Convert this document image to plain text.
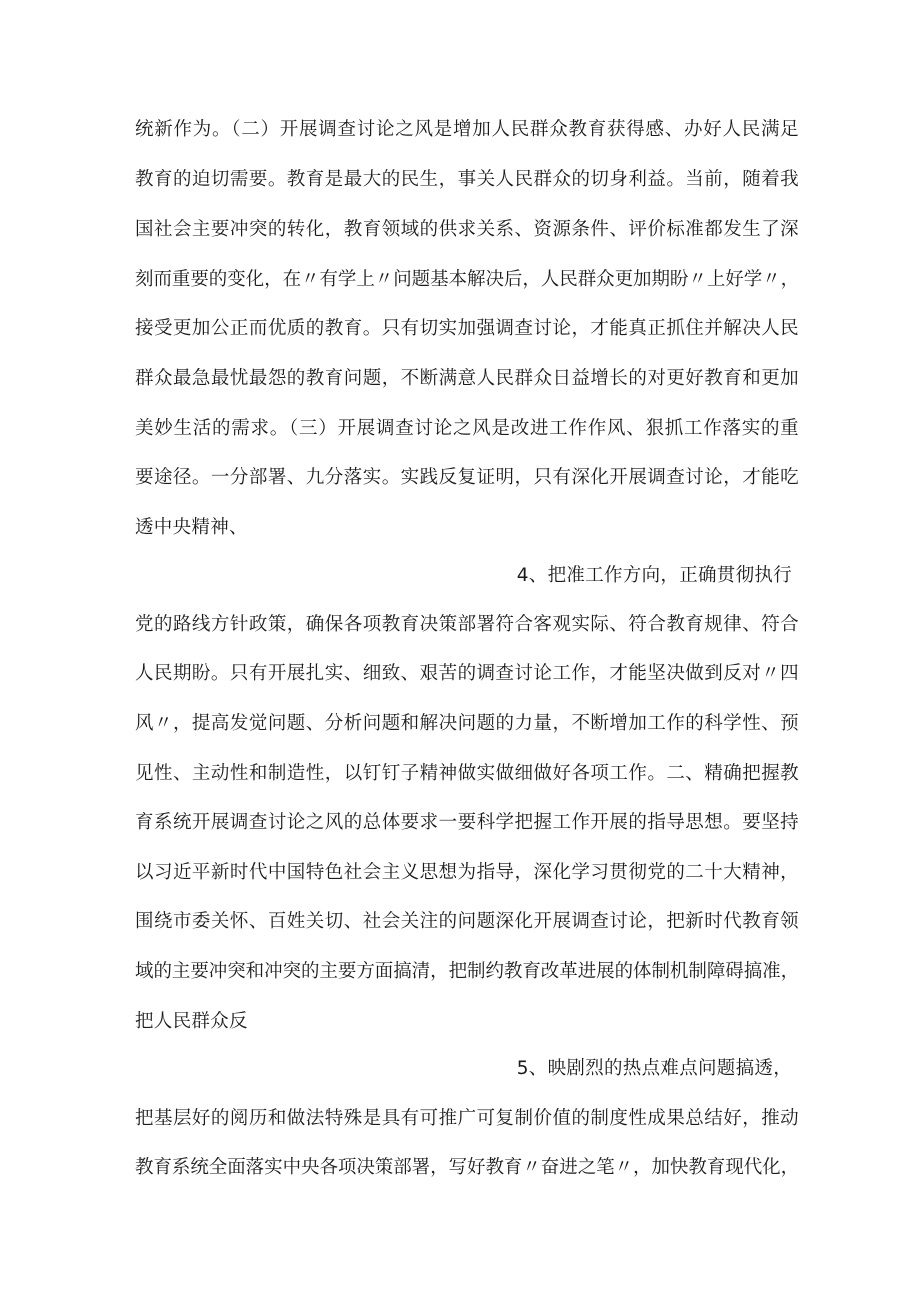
统新作为。（二）开展调查讨论之风是增加人民群众教育获得感、办好人民满足
教育的迫切需要。教育是最大的民生，事关人民群众的切身利益。当前，随着我
国社会主要冲突的转化，教育领域的供求关系、资源条件、评价标准都发生了深
刻而重要的变化，在〃有学上〃问题基本解决后，人民群众更加期盼〃上好学〃，
接受更加公正而优质的教育。只有切实加强调查讨论，才能真正抓住并解决人民
群众最急最忧最怨的教育问题，不断满意人民群众日益增长的对更好教育和更加
美妙生活的需求。（三）开展调查讨论之风是改进工作作风、狠抓工作落实的重
要途径。一分部署、九分落实。实践反复证明，只有深化开展调查讨论，才能吃
透中央精神、
4、把准工作方向，正确贯彻执行
党的路线方针政策，确保各项教育决策部署符合客观实际、符合教育规律、符合
人民期盼。只有开展扎实、细致、艰苦的调查讨论工作，才能坚决做到反对〃四
风〃，提高发觉问题、分析问题和解决问题的力量，不断增加工作的科学性、预
见性、主动性和制造性，以钉钉子精神做实做细做好各项工作。二、精确把握教
育系统开展调查讨论之风的总体要求一要科学把握工作开展的指导思想。要坚持
以习近平新时代中国特色社会主义思想为指导，深化学习贯彻党的二十大精神，
围绕市委关怀、百姓关切、社会关注的问题深化开展调查讨论，把新时代教育领
域的主要冲突和冲突的主要方面搞清，把制约教育改革进展的体制机制障碍搞准，
把人民群众反
5、映剧烈的热点难点问题搞透，
把基层好的阅历和做法特殊是具有可推广可复制价值的制度性成果总结好，推动
教育系统全面落实中央各项决策部署，写好教育〃奋进之笔〃，加快教育现代化，
